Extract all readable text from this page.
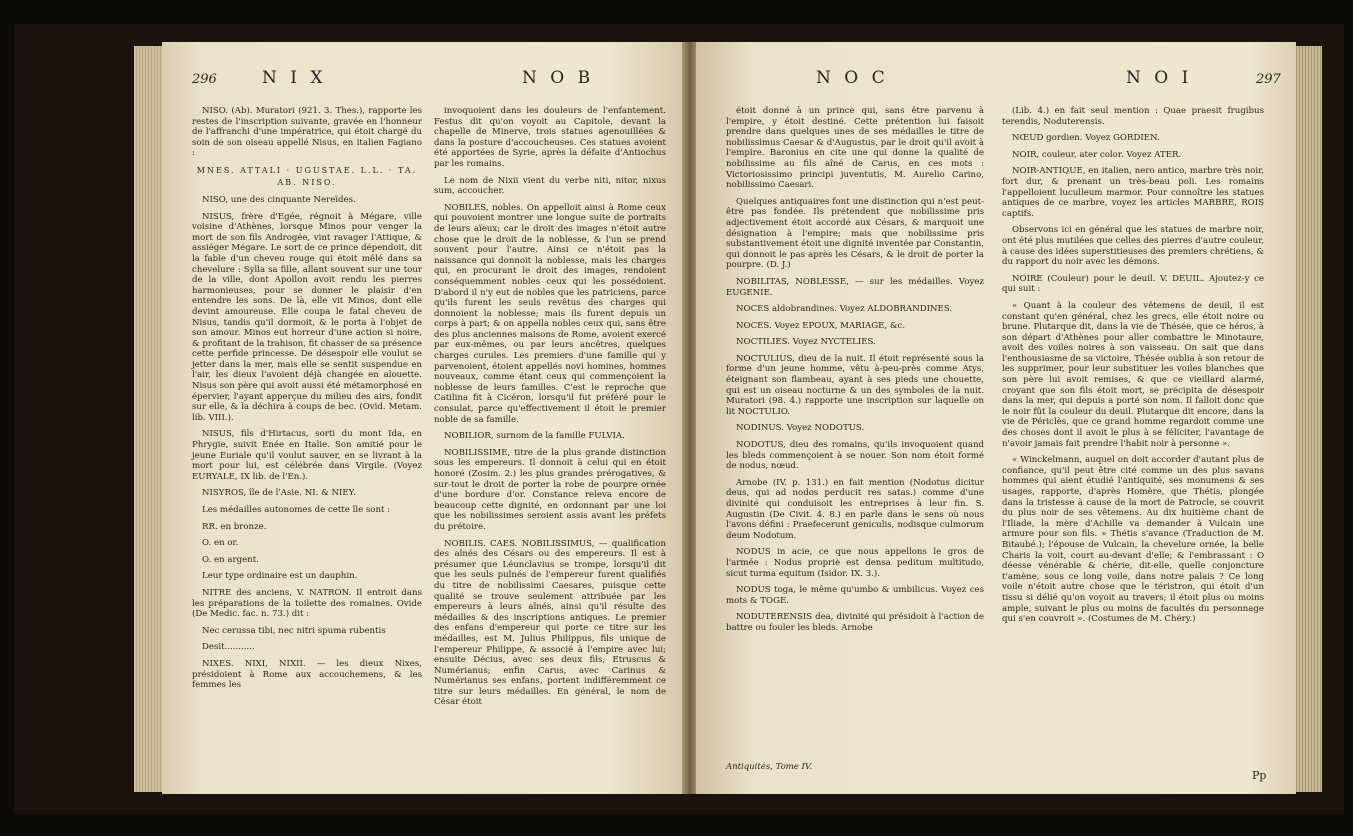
296	N I X	N O B

NISO. (Ab). Muratori (921. 3. Thes.), rapporte les restes de l'inscription suivante, gravée en l'honneur de l'affranchi d'une impératrice, qui étoit chargé du soin de son oiseau appellé Nisus, en italien Fagiano :

MNES. ATTALI · UGUSTAE. L.L. · TA. AB. NISO.

NISO, une des cinquante Nereïdes.

NISUS, frère d'Egée, régnoit à Mégare, ville voisine d'Athènes, lorsque Minos pour venger la mort de son fils Androgée, vint ravager l'Attique, & assiéger Mégare. Le sort de ce prince dépendoit, dit la fable d'un cheveu rouge qui étoit mêlé dans sa chevelure : Sylla sa fille, allant souvent sur une tour de la ville, dont Apollon avoit rendu les pierres harmonieuses, pour se donner le plaisir d'en entendre les sons. De là, elle vit Minos, dont elle devint amoureuse. Elle coupa le fatal cheveu de Nisus, tandis qu'il dormoit, & le porta à l'objet de son amour. Minos eut horreur d'une action si noire, & profitant de la trahison, fit chasser de sa présence cette perfide princesse. De désespoir elle voulut se jetter dans la mer, mais elle se sentit suspendue en l'air, les dieux l'avoient déjà changée en alouette. Nisus son père qui avoit aussi été métamorphosé en épervier, l'ayant apperçue du milieu des airs, fondit sur elle, & la déchira à coups de bec. (Ovid. Metam. lib. VIII.).

NISUS, fils d'Hirtacus, sorti du mont Ida, en Phrygie, suivit Enée en Italie. Son amitié pour le jeune Euriale qu'il voulut sauver, en se livrant à la mort pour lui, est célébrée dans Virgile. (Voyez EURYALE, IX lib. de l'En.).

NISYROS, île de l'Asie. NI. & NIEY.

Les médailles autonomes de cette île sont :

RR. en bronze.

O. en or.

O. en argent.

Leur type ordinaire est un dauphin.

NITRE des anciens, V. NATRON. Il entroit dans les préparations de la toilette des romaines. Ovide (De Medic. fac. n. 73.) dit :

Nec cerussa tibi, nec nitri spuma rubentis

Desit...........

NIXES. NIXI, NIXII. — les dieux Nixes, présidoient à Rome aux accouchemens, & les femmes les

invoquoient dans les douleurs de l'enfantement. Festus dit qu'on voyoit au Capitole, devant la chapelle de Minerve, trois statues agenouillées & dans la posture d'accoucheuses. Ces statues avoient été apportées de Syrie, après la défaite d'Antiochus par les romains.

Le nom de Nixii vient du verbe niti, nitor, nixus sum, accoucher.

NOBILES, nobles. On appelloit ainsi à Rome ceux qui pouvoient montrer une longue suite de portraits de leurs aïeux; car le droit des images n'étoit autre chose que le droit de la noblesse, & l'un se prend souvent pour l'autre. Ainsi ce n'étoit pas la naissance qui donnoit la noblesse, mais les charges qui, en procurant le droit des images, rendoient conséquemment nobles ceux qui les possédoient. D'abord il n'y eut de nobles que les patriciens, parce qu'ils furent les seuls revêtus des charges qui donnoient la noblesse; mais ils furent depuis un corps à part; & on appella nobles ceux qui, sans être des plus anciennes maisons de Rome, avoient exercé par eux-mêmes, ou par leurs ancêtres, quelques charges curules. Les premiers d'une famille qui y parvenoient, étoient appellés novi homines, hommes nouveaux, comme étant ceux qui commençoient la noblesse de leurs familles. C'est le reproche que Catilina fit à Cicéron, lorsqu'il fut préféré pour le consulat, parce qu'effectivement il étoit le premier noble de sa famille.

NOBILIOR, surnom de la famille FULVIA.

NOBILISSIME, titre de la plus grande distinction sous les empereurs. Il donnoit à celui qui en étoit honoré (Zosim. 2.) les plus grandes prérogatives, & sur-tout le droit de porter la robe de pourpre ornée d'une bordure d'or. Constance releva encore de beaucoup cette dignité, en ordonnant par une loi que les nobilissimes seroient assis avant les préfets du prétoire.

NOBILIS. CAES. NOBILISSIMUS, — qualification des aînés des Césars ou des empereurs. Il est à présumer que Léunclavius se trompe, lorsqu'il dit que les seuls puînés de l'empereur furent qualifiés du titre de nobilissimi Caesares, puisque cette qualité se trouve seulement attribuée par les empereurs à leurs aînés, ainsi qu'il résulte des médailles & des inscriptions antiques. Le premier des enfans d'empereur qui porte ce titre sur les médailles, est M. Julius Philippus, fils unique de l'empereur Philippe, & associé à l'empire avec lui; ensuite Décius, avec ses deux fils, Etruscus & Numérianus; enfin Carus, avec Carinus & Numérianus ses enfans, portent indifféremment ce titre sur leurs médailles. En général, le nom de César étoit

N O C	N O I	297

étoit donné à un prince qui, sans être parvenu à l'empire, y étoit destiné. Cette prétention lui faisoit prendre dans quelques unes de ses médailles le titre de nobilissimus Caesar & d'Augustus, par le droit qu'il avoit à l'empire. Baronius en cite une qui donne la qualité de nobilissime au fils aîné de Carus, en ces mots : Victoriosissimo principi juventutis, M. Aurelio Carino, nobilissimo Caesari.

Quelques antiquaires font une distinction qui n'est peut-être pas fondée. Ils prétendent que nobilissime pris adjectivement étoit accordé aux Césars, & marquoit une désignation à l'empire; mais que nobilissime pris substantivement étoit une dignité inventée par Constantin, qui donnoit le pas après les Césars, & le droit de porter la pourpre. (D. J.)

NOBILITAS, NOBLESSE, — sur les médailles. Voyez EUGENIE.

NOCES aldobrandines. Voyez ALDOBRANDINES.

NOCES. Voyez EPOUX, MARIAGE, &c.

NOCTILIES. Voyez NYCTELIES.

NOCTULIUS, dieu de la nuit. Il étoit représenté sous la forme d'un jeune homme, vêtu à-peu-près comme Atys, éteignant son flambeau, ayant à ses pieds une chouette, qui est un oiseau nocturne & un des symboles de la nuit. Muratori (98. 4.) rapporte une inscription sur laquelle on lit NOCTULIO.

NODINUS. Voyez NODOTUS.

NODOTUS, dieu des romains, qu'ils invoquoient quand les bleds commençoient à se nouer. Son nom étoit formé de nodus, nœud.

Arnobe (IV. p. 131.) en fait mention (Nodotus dicitur deus, qui ad nodos perducit res satas.) comme d'une divinité qui conduisoit les entreprises à leur fin. S. Augustin (De Civit. 4. 8.) en parle dans le sens où nous l'avons défini : Praefecerunt geniculis, nodisque culmorum deum Nodotum.

NODUS in acie, ce que nous appellons le gros de l'armée : Nodus propriè est densa peditum multitudo, sicut turma equitum (Isidor. IX. 3.).

NODUS toga, le même qu'umbo & umbilicus. Voyez ces mots & TOGE.

NODUTERENSIS dea, divinité qui présidoit à l'action de battre ou fouler les bleds. Arnobe

(Lib. 4.) en fait seul mention : Quae praesit frugibus terendis, Noduterensis.

NŒUD gordien. Voyez GORDIEN.

NOIR, couleur, ater color. Voyez ATER.

NOIR-ANTIQUE, en italien, nero antico, marbre très noir, fort dur, & prenant un très-beau poli. Les romains l'appelloient luculleum marmor. Pour connoître les statues antiques de ce marbre, voyez les articles MARBRE, ROIS captifs.

Observons ici en général que les statues de marbre noir, ont été plus mutilées que celles des pierres d'autre couleur, à cause des idées superstitieuses des premiers chrétiens, & du rapport du noir avec les démons.

NOIRE (Couleur) pour le deuil. V. DEUIL. Ajoutez-y ce qui suit :

« Quant à la couleur des vêtemens de deuil, il est constant qu'en général, chez les grecs, elle étoit noire ou brune. Plutarque dit, dans la vie de Thésée, que ce héros, à son départ d'Athènes pour aller combattre le Minotaure, avoit des voiles noires à son vaisseau. On sait que dans l'enthousiasme de sa victoire, Thésée oublia à son retour de les supprimer, pour leur substituer les voiles blanches que son père lui avoit remises, & que ce vieillard alarmé, croyant que son fils étoit mort, se précipita de désespoir dans la mer, qui depuis a porté son nom. Il falloit donc que le noir fût la couleur du deuil. Plutarque dit encore, dans la vie de Périclès, que ce grand homme regardoit comme une des choses dont il avoit le plus à se féliciter, l'avantage de n'avoir jamais fait prendre l'habit noir à personne ».

« Winckelmann, auquel on doit accorder d'autant plus de confiance, qu'il peut être cité comme un des plus savans hommes qui aient étudié l'antiquité, ses monumens & ses usages, rapporte, d'après Homère, que Thétis, plongée dans la tristesse à cause de la mort de Patrocle, se couvrit du plus noir de ses vêtemens. Au dix huitième chant de l'Iliade, la mère d'Achille va demander à Vulcain une armure pour son fils. » Thétis s'avance (Traduction de M. Bitaubé.); l'épouse de Vulcain, la chevelure ornée, la belle Charis la voit, court au-devant d'elle; & l'embrassant : O déesse vénérable & chérie, dit-elle, quelle conjoncture t'amène, sous ce long voile, dans notre palais ? Ce long voile n'étoit autre chose que le téristron, qui étoit d'un tissu si délié qu'on voyoit au travers; il étoit plus ou moins ample, suivant le plus ou moins de facultés du personnage qui s'en couvroit ». (Costumes de M. Chéry.)

Antiquités, Tome IV.
Pp
